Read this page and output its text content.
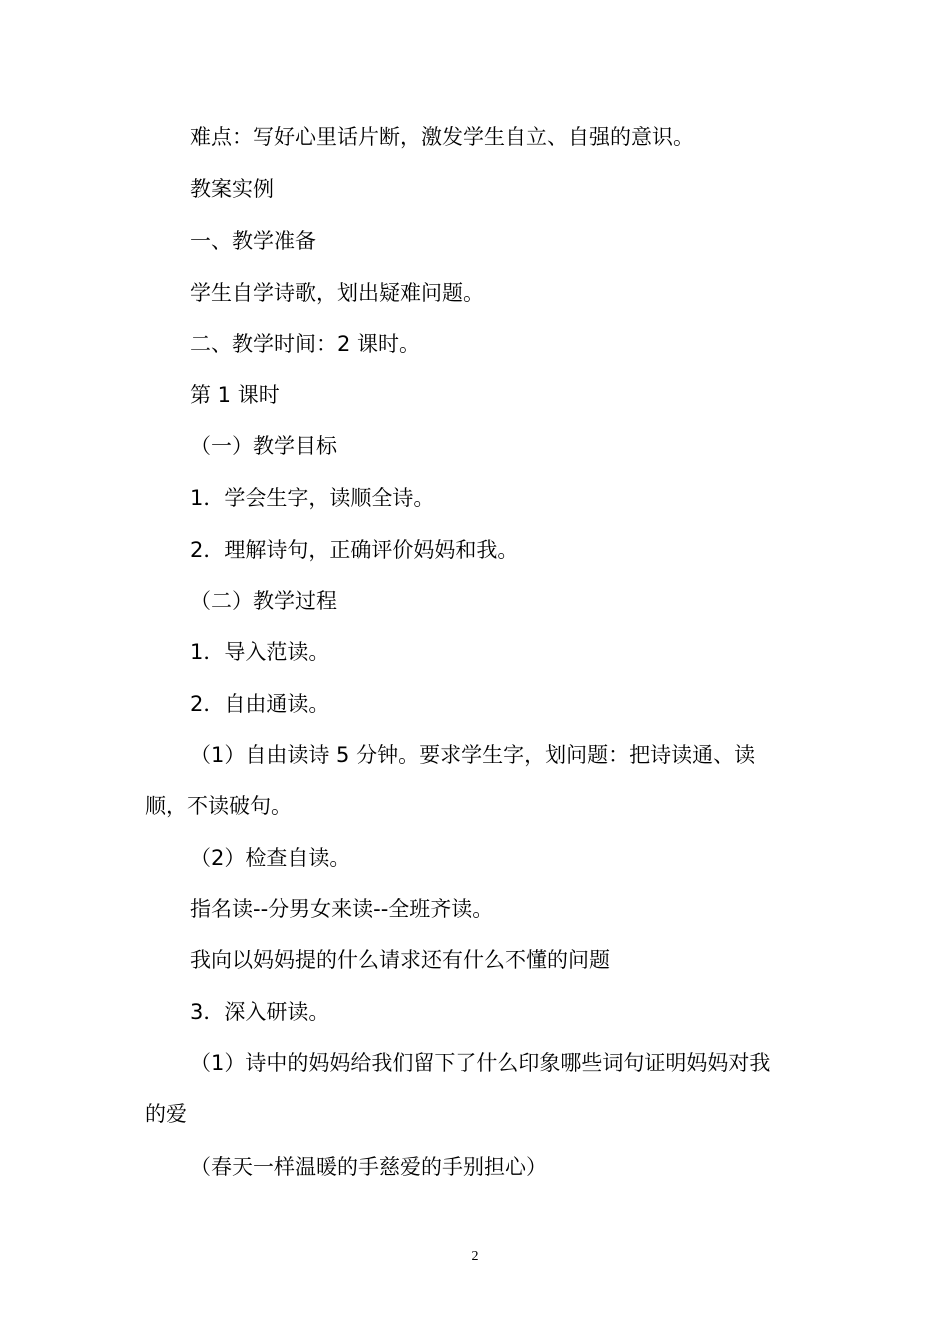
难点：写好心里话片断，激发学生自立、自强的意识。
教案实例
一、教学准备
学生自学诗歌，划出疑难问题。
二、教学时间：2 课时。
第 1 课时
（一）教学目标
1．学会生字，读顺全诗。
2．理解诗句，正确评价妈妈和我。
（二）教学过程
1．导入范读。
2．自由通读。
（1）自由读诗 5 分钟。要求学生字，划问题：把诗读通、读
顺，不读破句。
（2）检查自读。
指名读--分男女来读--全班齐读。
我向以妈妈提的什么请求还有什么不懂的问题
3．深入研读。
（1）诗中的妈妈给我们留下了什么印象哪些词句证明妈妈对我
的爱
（春天一样温暖的手慈爱的手别担心）
2
